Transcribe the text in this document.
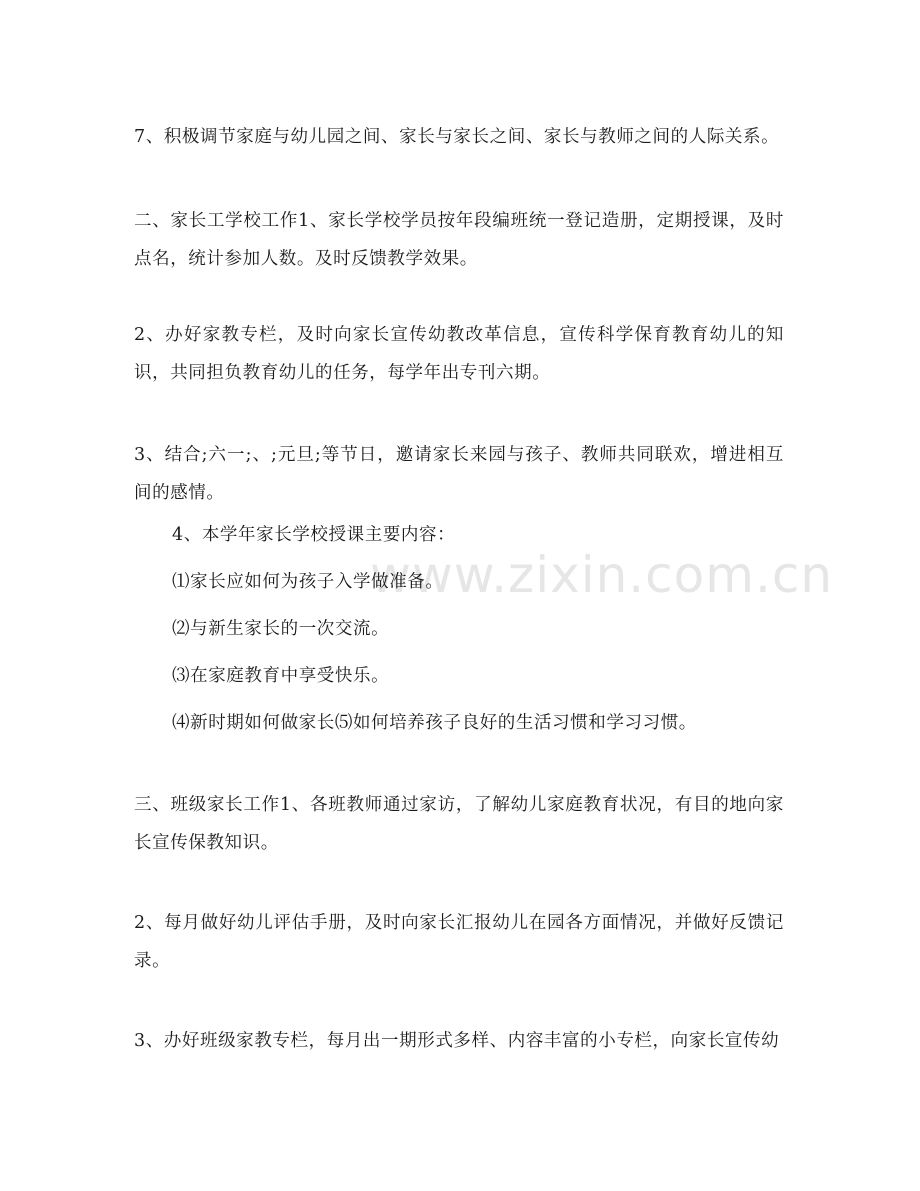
www.zixin.com.cn

7、积极调节家庭与幼儿园之间、家长与家长之间、家长与教师之间的人际关系。

二、家长工学校工作1、家长学校学员按年段编班统一登记造册，定期授课，及时点名，统计参加人数。及时反馈教学效果。

2、办好家教专栏，及时向家长宣传幼教改革信息，宣传科学保育教育幼儿的知识，共同担负教育幼儿的任务，每学年出专刊六期。

3、结合;六一;、;元旦;等节日，邀请家长来园与孩子、教师共同联欢，增进相互间的感情。

4、本学年家长学校授课主要内容：

⑴家长应如何为孩子入学做准备。

⑵与新生家长的一次交流。

⑶在家庭教育中享受快乐。

⑷新时期如何做家长⑸如何培养孩子良好的生活习惯和学习习惯。

三、班级家长工作1、各班教师通过家访，了解幼儿家庭教育状况，有目的地向家长宣传保教知识。

2、每月做好幼儿评估手册，及时向家长汇报幼儿在园各方面情况，并做好反馈记录。

3、办好班级家教专栏，每月出一期形式多样、内容丰富的小专栏，向家长宣传幼
